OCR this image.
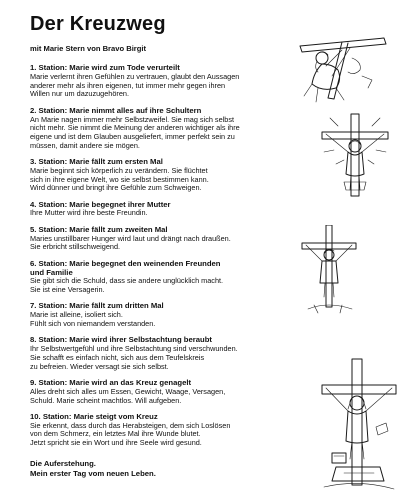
Der Kreuzweg

mit Marie Stern von Bravo Birgit

1. Station: Marie wird zum Tode verurteilt

Marie verlernt ihren Gefühlen zu vertrauen, glaubt den Aussagen
anderer mehr als ihren eigenen, tut immer mehr gegen ihren
Willen nur um dazuzugehören.

2. Station: Marie nimmt alles auf ihre Schultern

An Marie nagen immer mehr Selbstzweifel. Sie mag sich selbst
nicht mehr. Sie nimmt die Meinung der anderen wichtiger als ihre
eigene und ist dem Glauben ausgeliefert, immer perfekt sein zu
müssen, damit andere sie mögen.

3. Station: Marie fällt zum ersten Mal

Marie beginnt sich körperlich zu verändern. Sie flüchtet
sich in ihre eigene Welt, wo sie selbst bestimmen kann.
Wird dünner und bringt ihre Gefühle zum Schweigen.

4. Station: Marie begegnet ihrer Mutter

Ihre Mutter wird ihre beste Freundin.

5. Station: Marie fällt zum zweiten Mal

Maries unstillbarer Hunger wird laut und drängt nach draußen.
Sie erbricht stillschweigend.

6. Station: Marie begegnet den weinenden Freunden
und Familie

Sie gibt sich die Schuld, dass sie andere unglücklich macht.
Sie ist eine Versagerin.

7. Station: Marie fällt zum dritten Mal

Marie ist alleine, isoliert sich.
Fühlt sich von niemandem verstanden.

8. Station: Marie wird ihrer Selbstachtung beraubt

Ihr Selbstwertgefühl und ihre Selbstachtung sind verschwunden.
Sie schafft es einfach nicht, sich aus dem Teufelskreis
zu befreien. Wieder versagt sie sich selbst.

9. Station: Marie wird an das Kreuz genagelt

Alles dreht sich alles um Essen, Gewicht, Waage, Versagen,
Schuld. Marie scheint machtlos. Will aufgeben.

10. Station: Marie steigt vom Kreuz

Sie erkennt, dass durch das Herabsteigen, dem sich Loslösen
von dem Schmerz, ein letztes Mal ihre Wunde blutet.
Jetzt spricht sie ein Wort und ihre Seele wird gesund.

Die Auferstehung.
Mein erster Tag vom neuen Leben.
